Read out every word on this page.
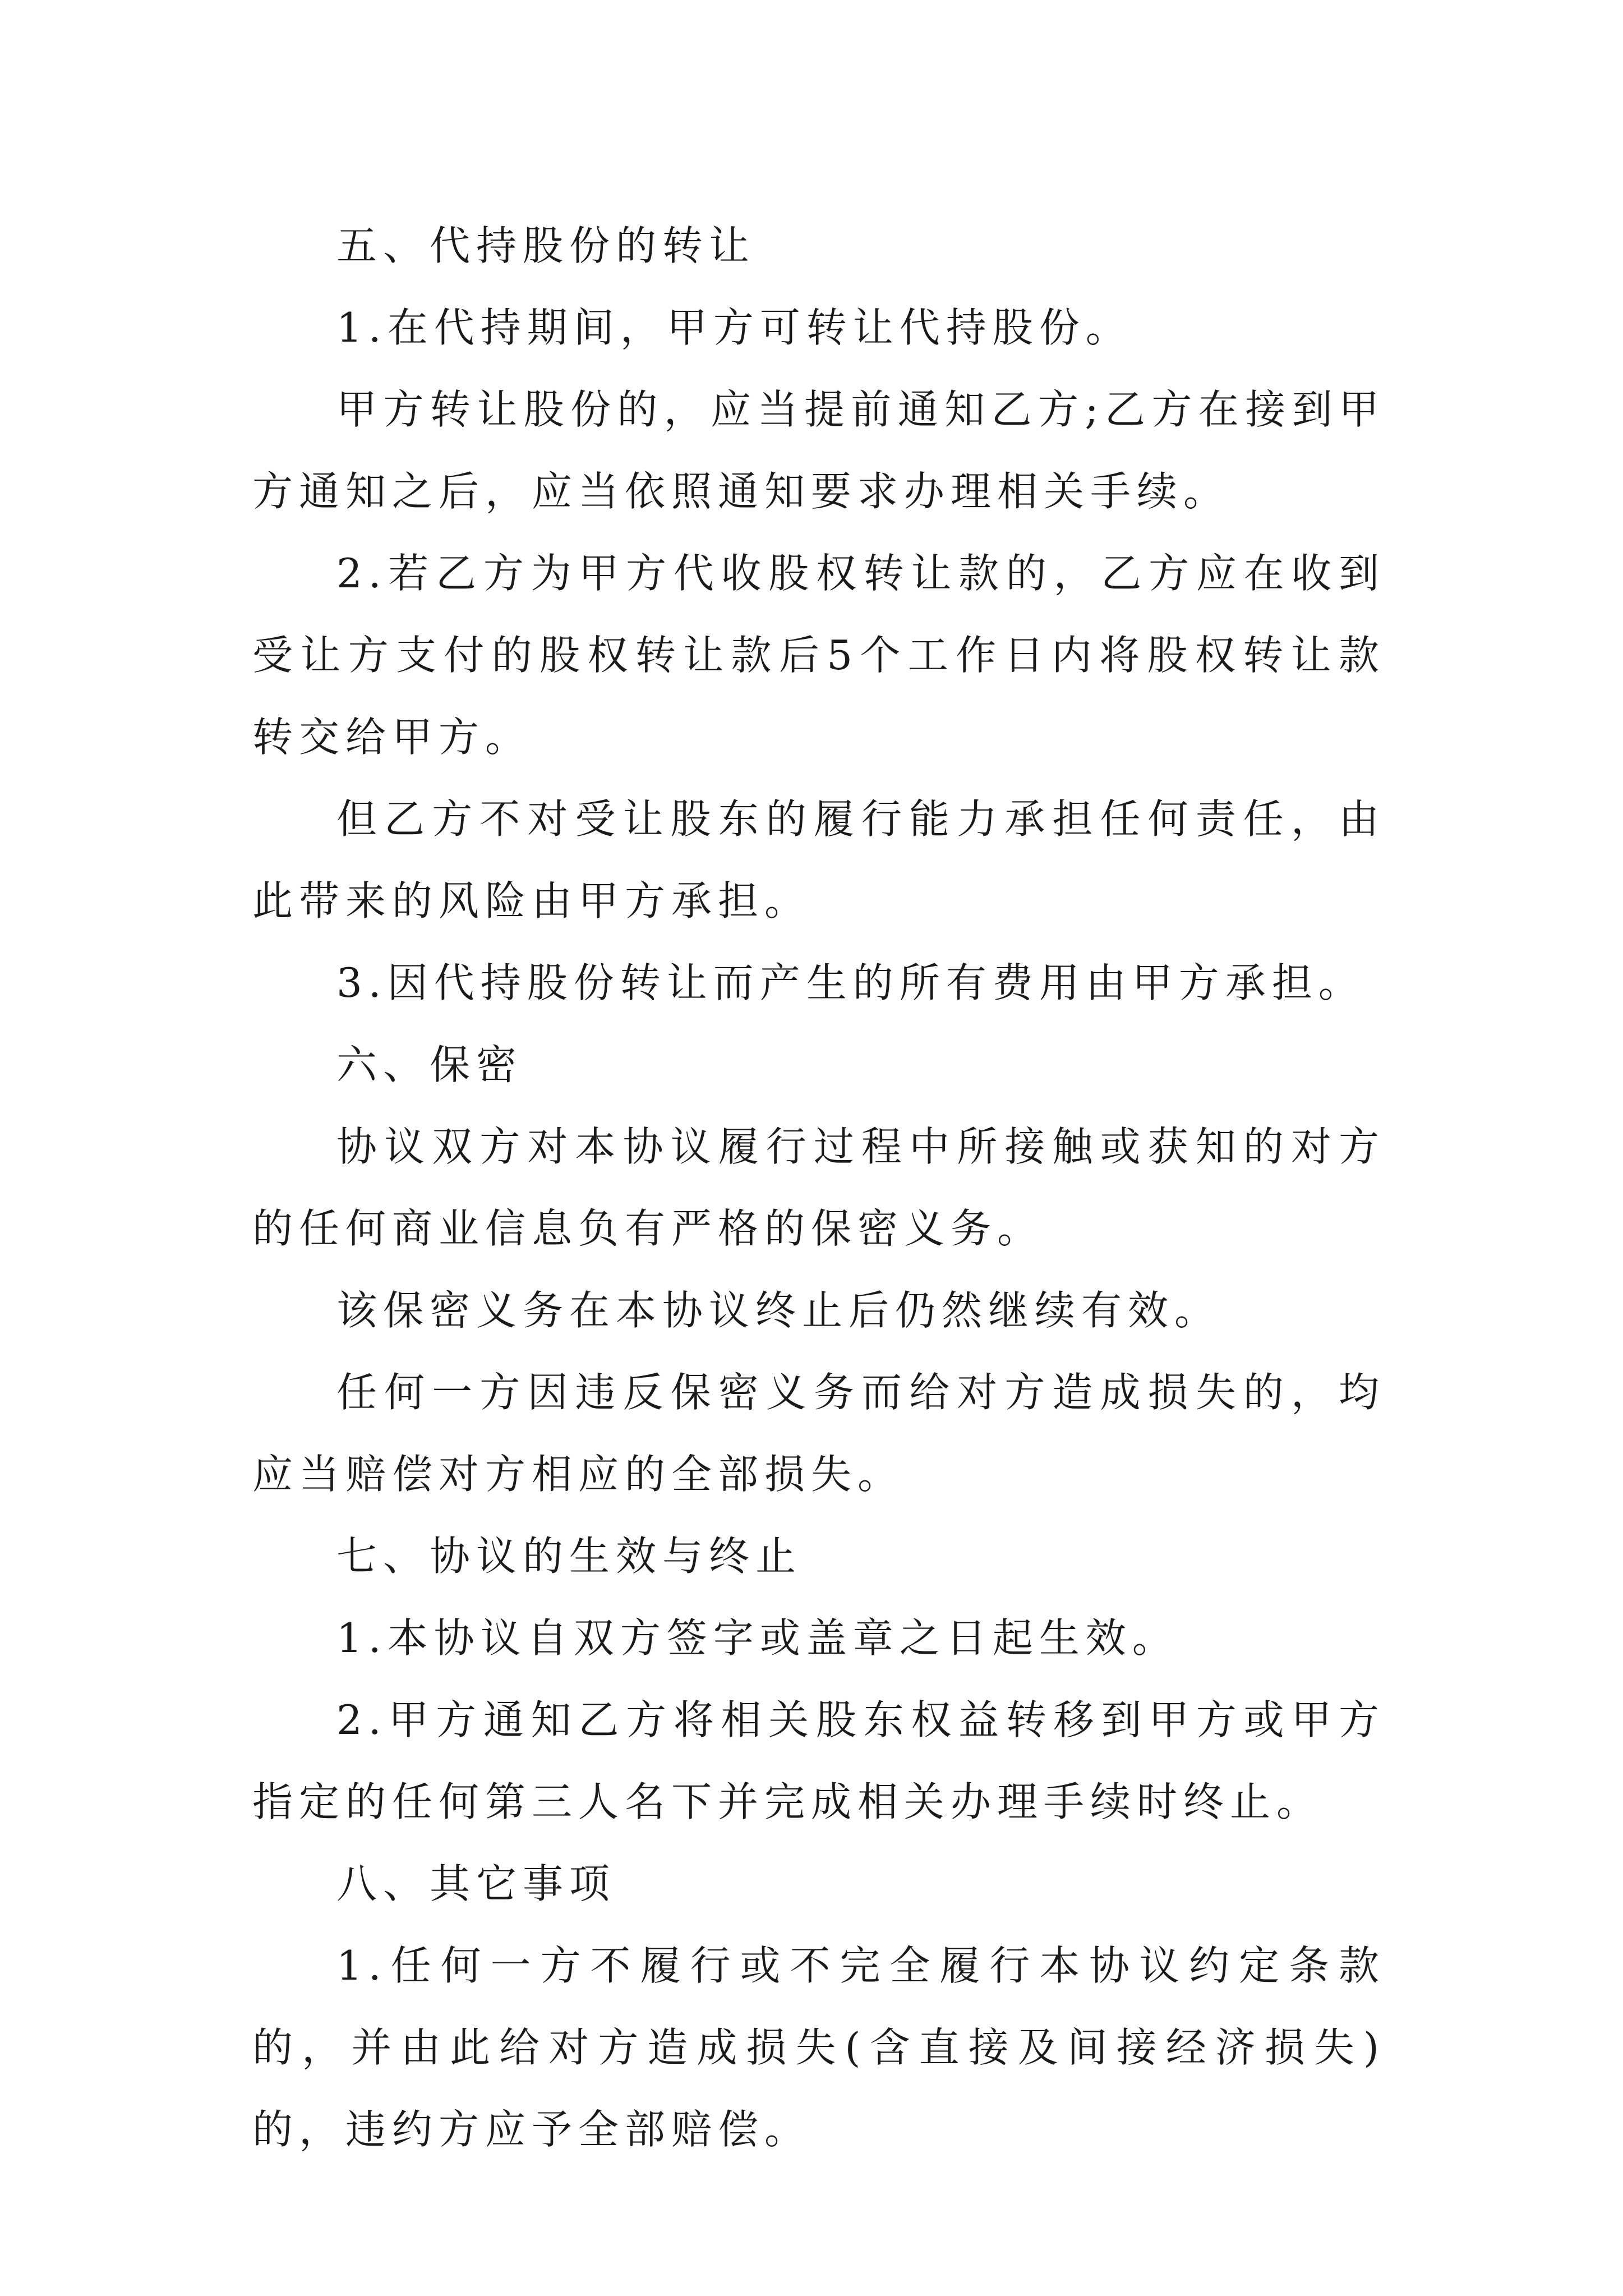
五、代持股份的转让

1.在代持期间，甲方可转让代持股份。

甲方转让股份的，应当提前通知乙方;乙方在接到甲方通知之后，应当依照通知要求办理相关手续。

2.若乙方为甲方代收股权转让款的，乙方应在收到受让方支付的股权转让款后5个工作日内将股权转让款转交给甲方。

但乙方不对受让股东的履行能力承担任何责任，由此带来的风险由甲方承担。

3.因代持股份转让而产生的所有费用由甲方承担。

六、保密

协议双方对本协议履行过程中所接触或获知的对方的任何商业信息负有严格的保密义务。

该保密义务在本协议终止后仍然继续有效。

任何一方因违反保密义务而给对方造成损失的，均应当赔偿对方相应的全部损失。

七、协议的生效与终止

1.本协议自双方签字或盖章之日起生效。

2.甲方通知乙方将相关股东权益转移到甲方或甲方指定的任何第三人名下并完成相关办理手续时终止。

八、其它事项

1.任何一方不履行或不完全履行本协议约定条款的，并由此给对方造成损失(含直接及间接经济损失)的，违约方应予全部赔偿。
